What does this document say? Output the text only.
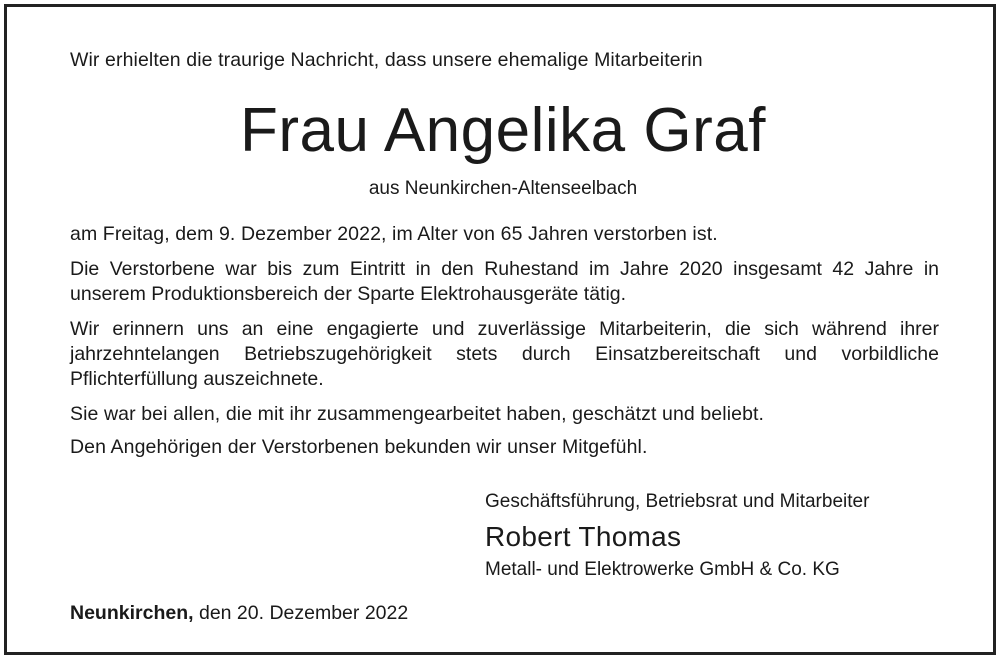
Wir erhielten die traurige Nachricht, dass unsere ehemalige Mitarbeiterin
Frau Angelika Graf
aus Neunkirchen-Altenseelbach
am Freitag, dem 9. Dezember 2022, im Alter von 65 Jahren verstorben ist.
Die Verstorbene war bis zum Eintritt in den Ruhestand im Jahre 2020 insgesamt 42 Jahre in
unserem Produktionsbereich der Sparte Elektrohausgeräte tätig.
Wir erinnern uns an eine engagierte und zuverlässige Mitarbeiterin, die sich während ihrer
jahrzehntelangen Betriebszugehörigkeit stets durch Einsatzbereitschaft und vorbildliche
Pflichterfüllung auszeichnete.
Sie war bei allen, die mit ihr zusammengearbeitet haben, geschätzt und beliebt.
Den Angehörigen der Verstorbenen bekunden wir unser Mitgefühl.
Geschäftsführung, Betriebsrat und Mitarbeiter
Robert Thomas
Metall- und Elektrowerke GmbH & Co. KG
Neunkirchen, den 20. Dezember 2022
